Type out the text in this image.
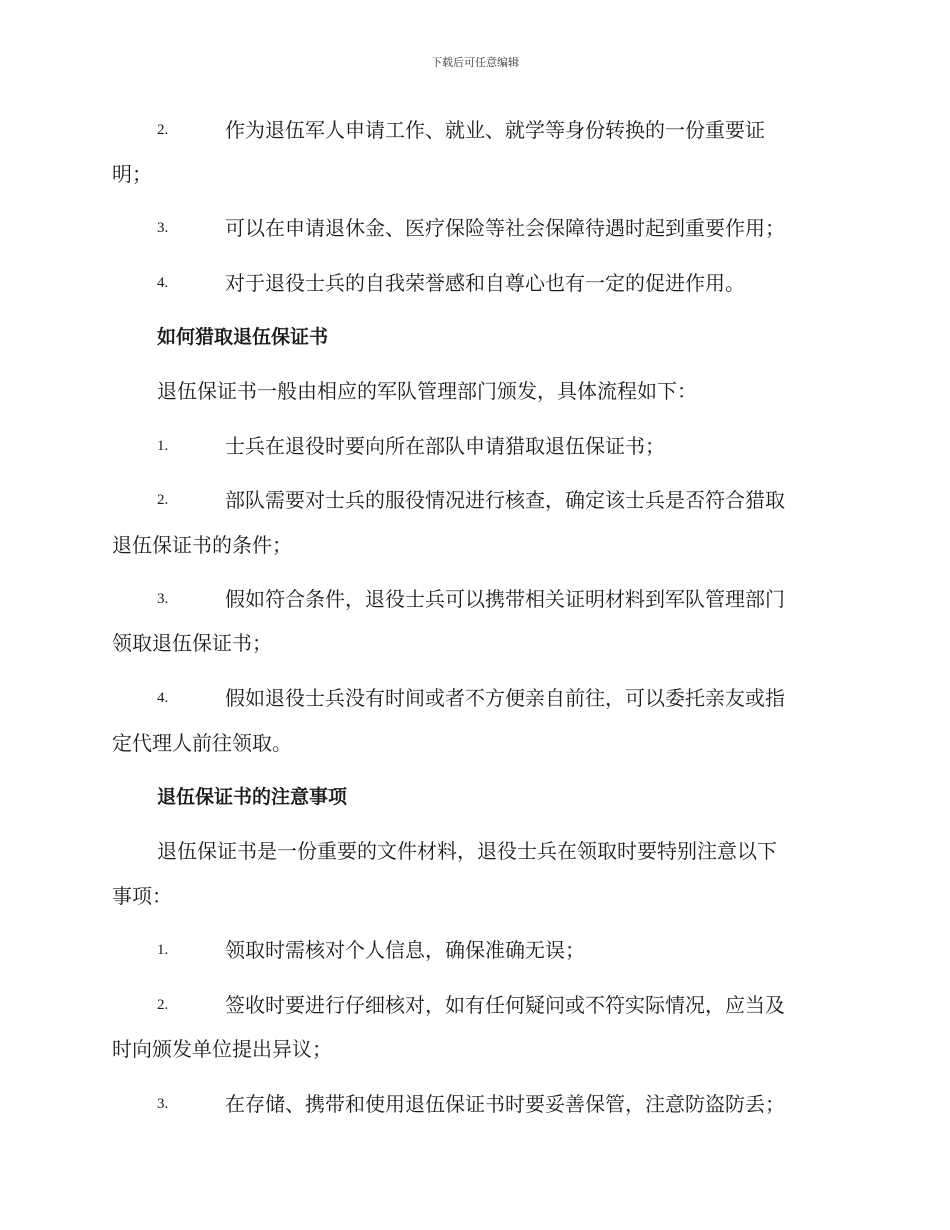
下载后可任意编辑
2.	作为退伍军人申请工作、就业、就学等身份转换的一份重要证
明；
3.	可以在申请退休金、医疗保险等社会保障待遇时起到重要作用；
4.	对于退役士兵的自我荣誉感和自尊心也有一定的促进作用。
如何猎取退伍保证书
退伍保证书一般由相应的军队管理部门颁发，具体流程如下：
1.	士兵在退役时要向所在部队申请猎取退伍保证书；
2.	部队需要对士兵的服役情况进行核查，确定该士兵是否符合猎取
退伍保证书的条件；
3.	假如符合条件，退役士兵可以携带相关证明材料到军队管理部门
领取退伍保证书；
4.	假如退役士兵没有时间或者不方便亲自前往，可以委托亲友或指
定代理人前往领取。
退伍保证书的注意事项
退伍保证书是一份重要的文件材料，退役士兵在领取时要特别注意以下
事项：
1.	领取时需核对个人信息，确保准确无误；
2.	签收时要进行仔细核对，如有任何疑问或不符实际情况，应当及
时向颁发单位提出异议；
3.	在存储、携带和使用退伍保证书时要妥善保管，注意防盗防丢；
